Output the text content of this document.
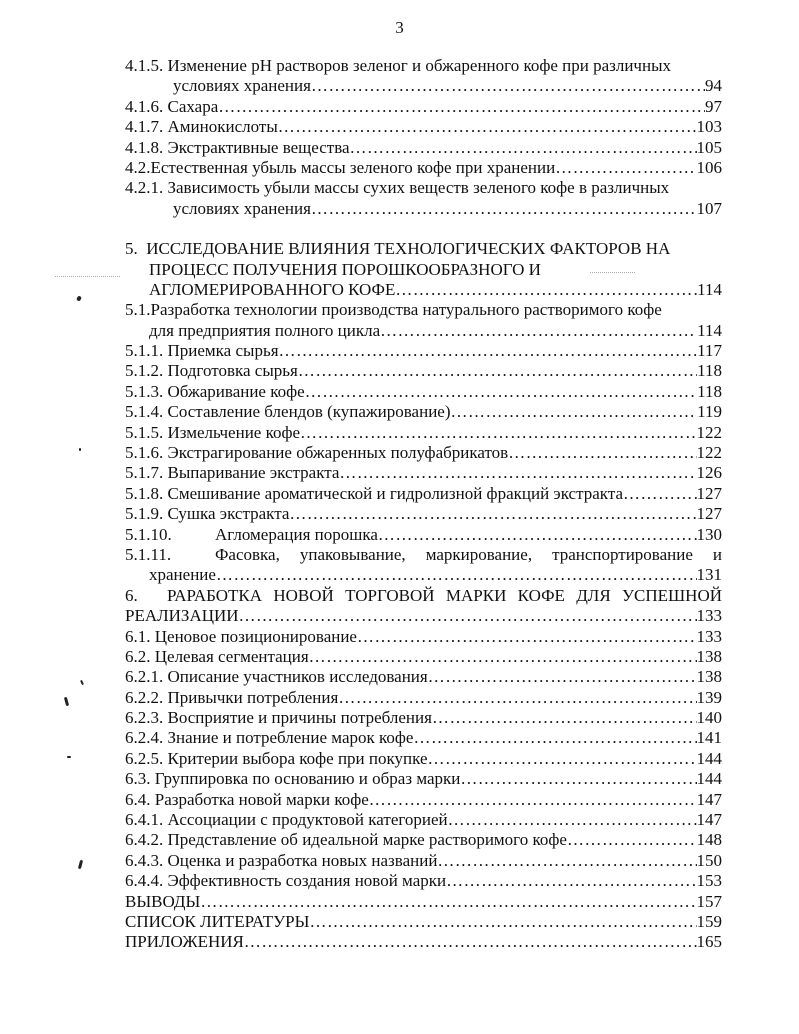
3
4.1.5. Изменение pH растворов зеленог и обжаренного кофе при различных
условиях хранения ……………………………………………………………………………………………………………………………………………	94
4.1.6. Сахара ……………………………………………………………………………………………………………………………………………	97
4.1.7. Аминокислоты ……………………………………………………………………………………………………………………………………………	103
4.1.8. Экстрактивные вещества ……………………………………………………………………………………………………………………………………………	105
4.2.Естественная убыль массы зеленого кофе при хранении ……………………………………………………………………………………………………………………………………………	106
4.2.1. Зависимость убыли массы сухих веществ зеленого кофе в различных
условиях хранения ……………………………………………………………………………………………………………………………………………	107
5. ИССЛЕДОВАНИЕ ВЛИЯНИЯ ТЕХНОЛОГИЧЕСКИХ ФАКТОРОВ НА
ПРОЦЕСС ПОЛУЧЕНИЯ ПОРОШКООБРАЗНОГО И
АГЛОМЕРИРОВАННОГО КОФЕ ……………………………………………………………………………………………………………………………………………	114
5.1.Разработка технологии производства натурального растворимого кофе
для предприятия полного цикла ……………………………………………………………………………………………………………………………………………	114
5.1.1. Приемка сырья ……………………………………………………………………………………………………………………………………………	117
5.1.2. Подготовка сырья ……………………………………………………………………………………………………………………………………………	118
5.1.3. Обжаривание кофе ……………………………………………………………………………………………………………………………………………	118
5.1.4. Составление блендов (купажирование) ……………………………………………………………………………………………………………………………………………	119
5.1.5. Измельчение кофе ……………………………………………………………………………………………………………………………………………	122
5.1.6. Экстрагирование обжаренных полуфабрикатов ……………………………………………………………………………………………………………………………………………	122
5.1.7. Выпаривание экстракта ……………………………………………………………………………………………………………………………………………	126
5.1.8. Смешивание ароматической и гидролизной фракций экстракта ……………………………………………………………………………………………………………………………………………	127
5.1.9. Сушка экстракта ……………………………………………………………………………………………………………………………………………	127
5.1.10.	Агломерация порошка ……………………………………………………………………………………………………………………………………………	130
5.1.11.	Фасовка, упаковывание, маркирование, транспортирование и
хранение ……………………………………………………………………………………………………………………………………………	131
6.	РАРАБОТКА НОВОЙ ТОРГОВОЙ МАРКИ КОФЕ ДЛЯ УСПЕШНОЙ
РЕАЛИЗАЦИИ ……………………………………………………………………………………………………………………………………………	133
6.1. Ценовое позиционирование ……………………………………………………………………………………………………………………………………………	133
6.2. Целевая сегментация ……………………………………………………………………………………………………………………………………………	138
6.2.1. Описание участников исследования ……………………………………………………………………………………………………………………………………………	138
6.2.2. Привычки потребления ……………………………………………………………………………………………………………………………………………	139
6.2.3. Восприятие и причины потребления ……………………………………………………………………………………………………………………………………………	140
6.2.4. Знание и потребление марок кофе ……………………………………………………………………………………………………………………………………………	141
6.2.5. Критерии выбора кофе при покупке ……………………………………………………………………………………………………………………………………………	144
6.3. Группировка по основанию и образ марки ……………………………………………………………………………………………………………………………………………	144
6.4. Разработка новой марки кофе ……………………………………………………………………………………………………………………………………………	147
6.4.1. Ассоциации с продуктовой категорией ……………………………………………………………………………………………………………………………………………	147
6.4.2. Представление об идеальной марке растворимого кофе ……………………………………………………………………………………………………………………………………………	148
6.4.3. Оценка и разработка новых названий ……………………………………………………………………………………………………………………………………………	150
6.4.4. Эффективность создания новой марки ……………………………………………………………………………………………………………………………………………	153
ВЫВОДЫ ……………………………………………………………………………………………………………………………………………	157
СПИСОК ЛИТЕРАТУРЫ ……………………………………………………………………………………………………………………………………………	159
ПРИЛОЖЕНИЯ ……………………………………………………………………………………………………………………………………………	165
